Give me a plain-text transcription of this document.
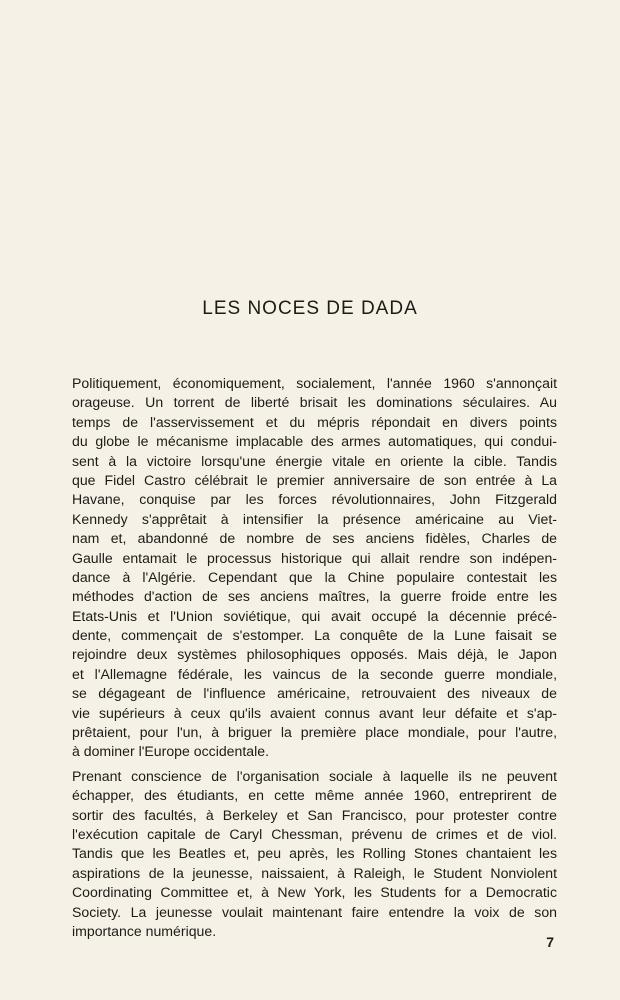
LES NOCES DE DADA
Politiquement, économiquement, socialement, l'année 1960 s'annonçait
orageuse. Un torrent de liberté brisait les dominations séculaires. Au
temps de l'asservissement et du mépris répondait en divers points
du globe le mécanisme implacable des armes automatiques, qui condui-
sent à la victoire lorsqu'une énergie vitale en oriente la cible. Tandis
que Fidel Castro célébrait le premier anniversaire de son entrée à La
Havane, conquise par les forces révolutionnaires, John Fitzgerald
Kennedy s'apprêtait à intensifier la présence américaine au Viet-
nam et, abandonné de nombre de ses anciens fidèles, Charles de
Gaulle entamait le processus historique qui allait rendre son indépen-
dance à l'Algérie. Cependant que la Chine populaire contestait les
méthodes d'action de ses anciens maîtres, la guerre froide entre les
Etats-Unis et l'Union soviétique, qui avait occupé la décennie précé-
dente, commençait de s'estomper. La conquête de la Lune faisait se
rejoindre deux systèmes philosophiques opposés. Mais déjà, le Japon
et l'Allemagne fédérale, les vaincus de la seconde guerre mondiale,
se dégageant de l'influence américaine, retrouvaient des niveaux de
vie supérieurs à ceux qu'ils avaient connus avant leur défaite et s'ap-
prêtaient, pour l'un, à briguer la première place mondiale, pour l'autre,
à dominer l'Europe occidentale.
Prenant conscience de l'organisation sociale à laquelle ils ne peuvent
échapper, des étudiants, en cette même année 1960, entreprirent de
sortir des facultés, à Berkeley et San Francisco, pour protester contre
l'exécution capitale de Caryl Chessman, prévenu de crimes et de viol.
Tandis que les Beatles et, peu après, les Rolling Stones chantaient les
aspirations de la jeunesse, naissaient, à Raleigh, le Student Nonviolent
Coordinating Committee et, à New York, les Students for a Democratic
Society. La jeunesse voulait maintenant faire entendre la voix de son
importance numérique.
7
